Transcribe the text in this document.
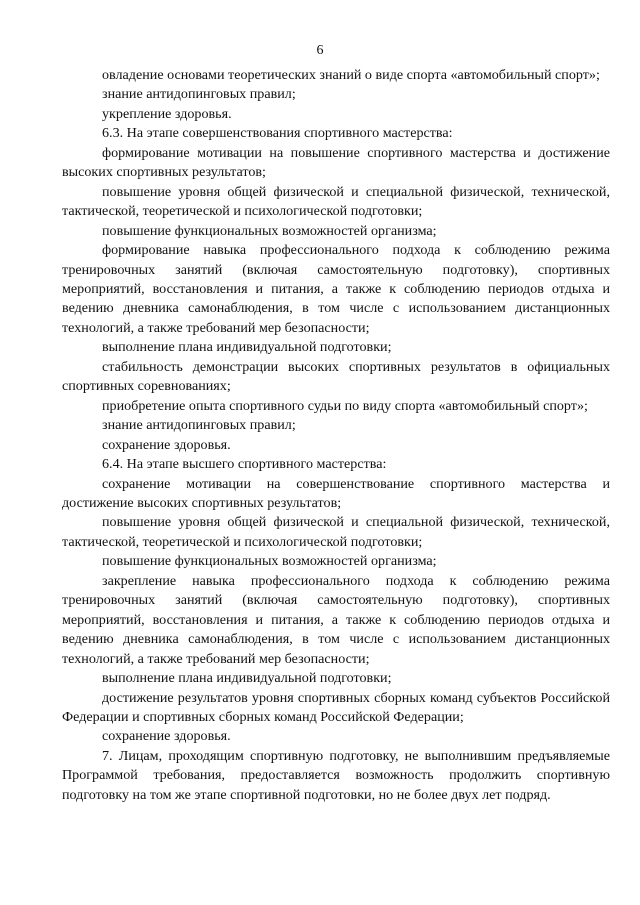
6

овладение основами теоретических знаний о виде спорта «автомобильный спорт»;

знание антидопинговых правил;

укрепление здоровья.

6.3. На этапе совершенствования спортивного мастерства:

формирование мотивации на повышение спортивного мастерства и достижение высоких спортивных результатов;

повышение уровня общей физической и специальной физической, технической, тактической, теоретической и психологической подготовки;

повышение функциональных возможностей организма;

формирование навыка профессионального подхода к соблюдению режима тренировочных занятий (включая самостоятельную подготовку), спортивных мероприятий, восстановления и питания, а также к соблюдению периодов отдыха и ведению дневника самонаблюдения, в том числе с использованием дистанционных технологий, а также требований мер безопасности;

выполнение плана индивидуальной подготовки;

стабильность демонстрации высоких спортивных результатов в официальных спортивных соревнованиях;

приобретение опыта спортивного судьи по виду спорта «автомобильный спорт»;

знание антидопинговых правил;

сохранение здоровья.

6.4. На этапе высшего спортивного мастерства:

сохранение мотивации на совершенствование спортивного мастерства и достижение высоких спортивных результатов;

повышение уровня общей физической и специальной физической, технической, тактической, теоретической и психологической подготовки;

повышение функциональных возможностей организма;

закрепление навыка профессионального подхода к соблюдению режима тренировочных занятий (включая самостоятельную подготовку), спортивных мероприятий, восстановления и питания, а также к соблюдению периодов отдыха и ведению дневника самонаблюдения, в том числе с использованием дистанционных технологий, а также требований мер безопасности;

выполнение плана индивидуальной подготовки;

достижение результатов уровня спортивных сборных команд субъектов Российской Федерации и спортивных сборных команд Российской Федерации;

сохранение здоровья.

7. Лицам, проходящим спортивную подготовку, не выполнившим предъявляемые Программой требования, предоставляется возможность продолжить спортивную подготовку на том же этапе спортивной подготовки, но не более двух лет подряд.
